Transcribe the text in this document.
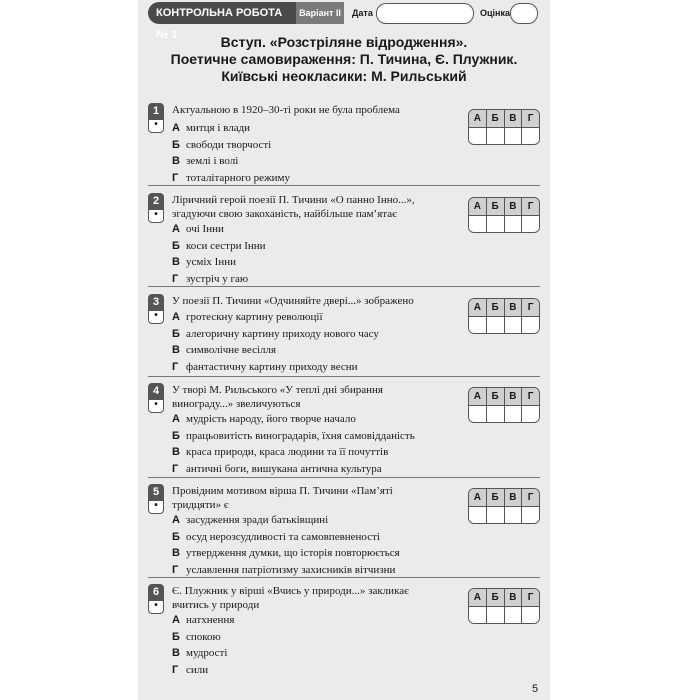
КОНТРОЛЬНА РОБОТА № 1
Варіант ІІ	Дата	Оцінка
Вступ. «Розстріляне відродження».
Поетичне самовираження: П. Тичина, Є. Плужник.
Київські неокласики: М. Рильський
1
•
Актуальною в 1920–30-ті роки не була проблема
А митця і влади
Б свободи творчості
В землі і волі
Г тоталітарного режиму
А	Б	В	Г
2
•
Ліричний герой поезії П. Тичини «О панно Інно...», згадуючи свою закоханість, найбільше пам’ятає
А очі Інни
Б коси сестри Інни
В усміх Інни
Г зустріч у гаю
А	Б	В	Г
3
•
У поезії П. Тичини «Одчиняйте двері...» зображено
А гротескну картину революції
Б алегоричну картину приходу нового часу
В символічне весілля
Г фантастичну картину приходу весни
А	Б	В	Г
4
•
У творі М. Рильського «У теплі дні збирання винограду...» звеличуються
А мудрість народу, його творче начало
Б працьовитість виноградарів, їхня самовідданість
В краса природи, краса людини та її почуттів
Г античні боги, вишукана антична культура
А	Б	В	Г
5
•
Провідним мотивом вірша П. Тичини «Пам’яті тридцяти» є
А засудження зради батьківщині
Б осуд нерозсудливості та самовпевненості
В утвердження думки, що історія повторюється
Г уславлення патріотизму захисників вітчизни
А	Б	В	Г
6
•
Є. Плужник у вірші «Вчись у природи...» закликає вчитись у природи
А натхнення
Б спокою
В мудрості
Г сили
А	Б	В	Г
5
